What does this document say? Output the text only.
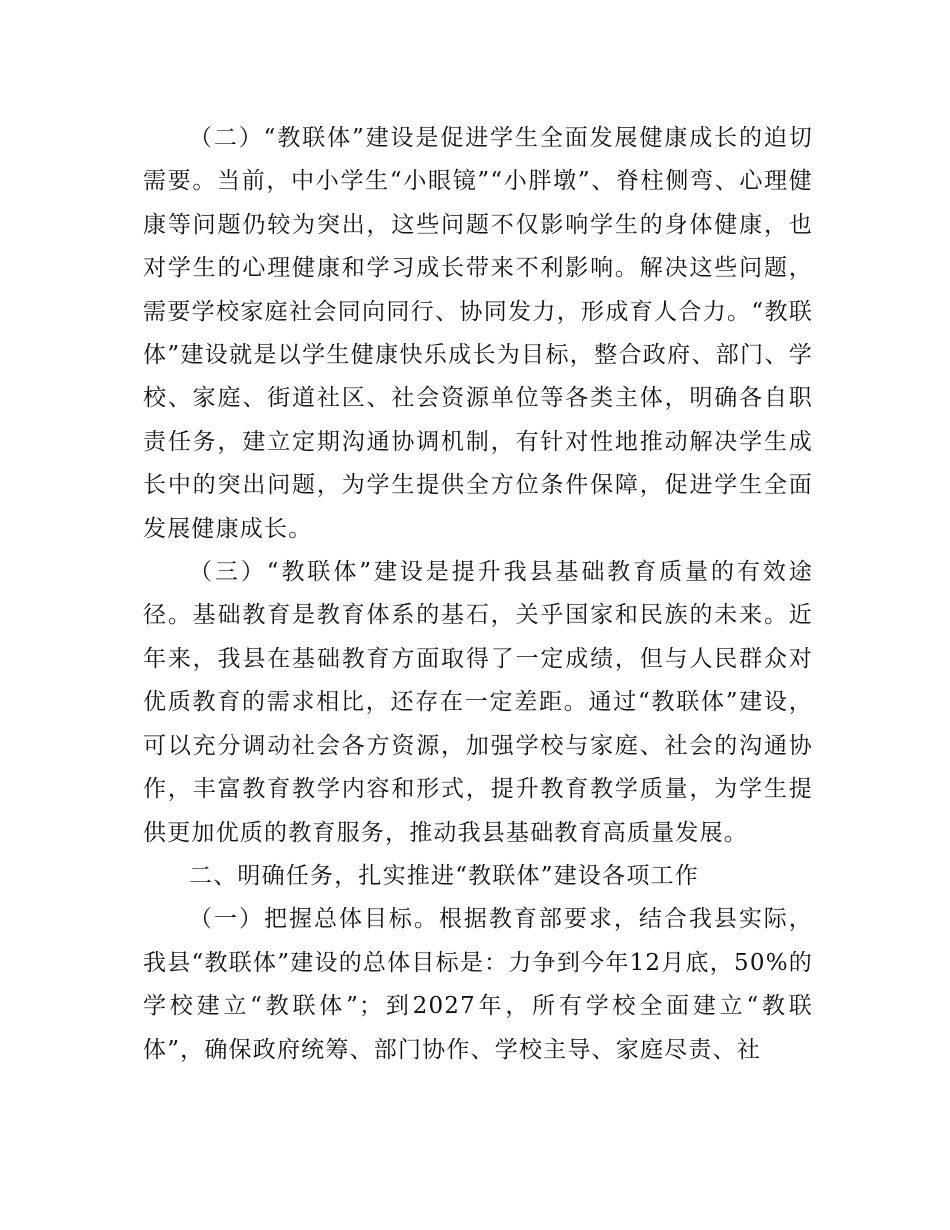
（二）“教联体”建设是促进学生全面发展健康成长的迫切需要。当前，中小学生“小眼镜”“小胖墩”、脊柱侧弯、心理健康等问题仍较为突出，这些问题不仅影响学生的身体健康，也对学生的心理健康和学习成长带来不利影响。解决这些问题，需要学校家庭社会同向同行、协同发力，形成育人合力。“教联体”建设就是以学生健康快乐成长为目标，整合政府、部门、学校、家庭、街道社区、社会资源单位等各类主体，明确各自职责任务，建立定期沟通协调机制，有针对性地推动解决学生成长中的突出问题，为学生提供全方位条件保障，促进学生全面发展健康成长。

（三）“教联体”建设是提升我县基础教育质量的有效途径。基础教育是教育体系的基石，关乎国家和民族的未来。近年来，我县在基础教育方面取得了一定成绩，但与人民群众对优质教育的需求相比，还存在一定差距。通过“教联体”建设，可以充分调动社会各方资源，加强学校与家庭、社会的沟通协作，丰富教育教学内容和形式，提升教育教学质量，为学生提供更加优质的教育服务，推动我县基础教育高质量发展。

二、明确任务，扎实推进“教联体”建设各项工作

（一）把握总体目标。根据教育部要求，结合我县实际，我县“教联体”建设的总体目标是：力争到今年12月底，50%的学校建立“教联体”；到2027年，所有学校全面建立“教联体”，确保政府统筹、部门协作、学校主导、家庭尽责、社
